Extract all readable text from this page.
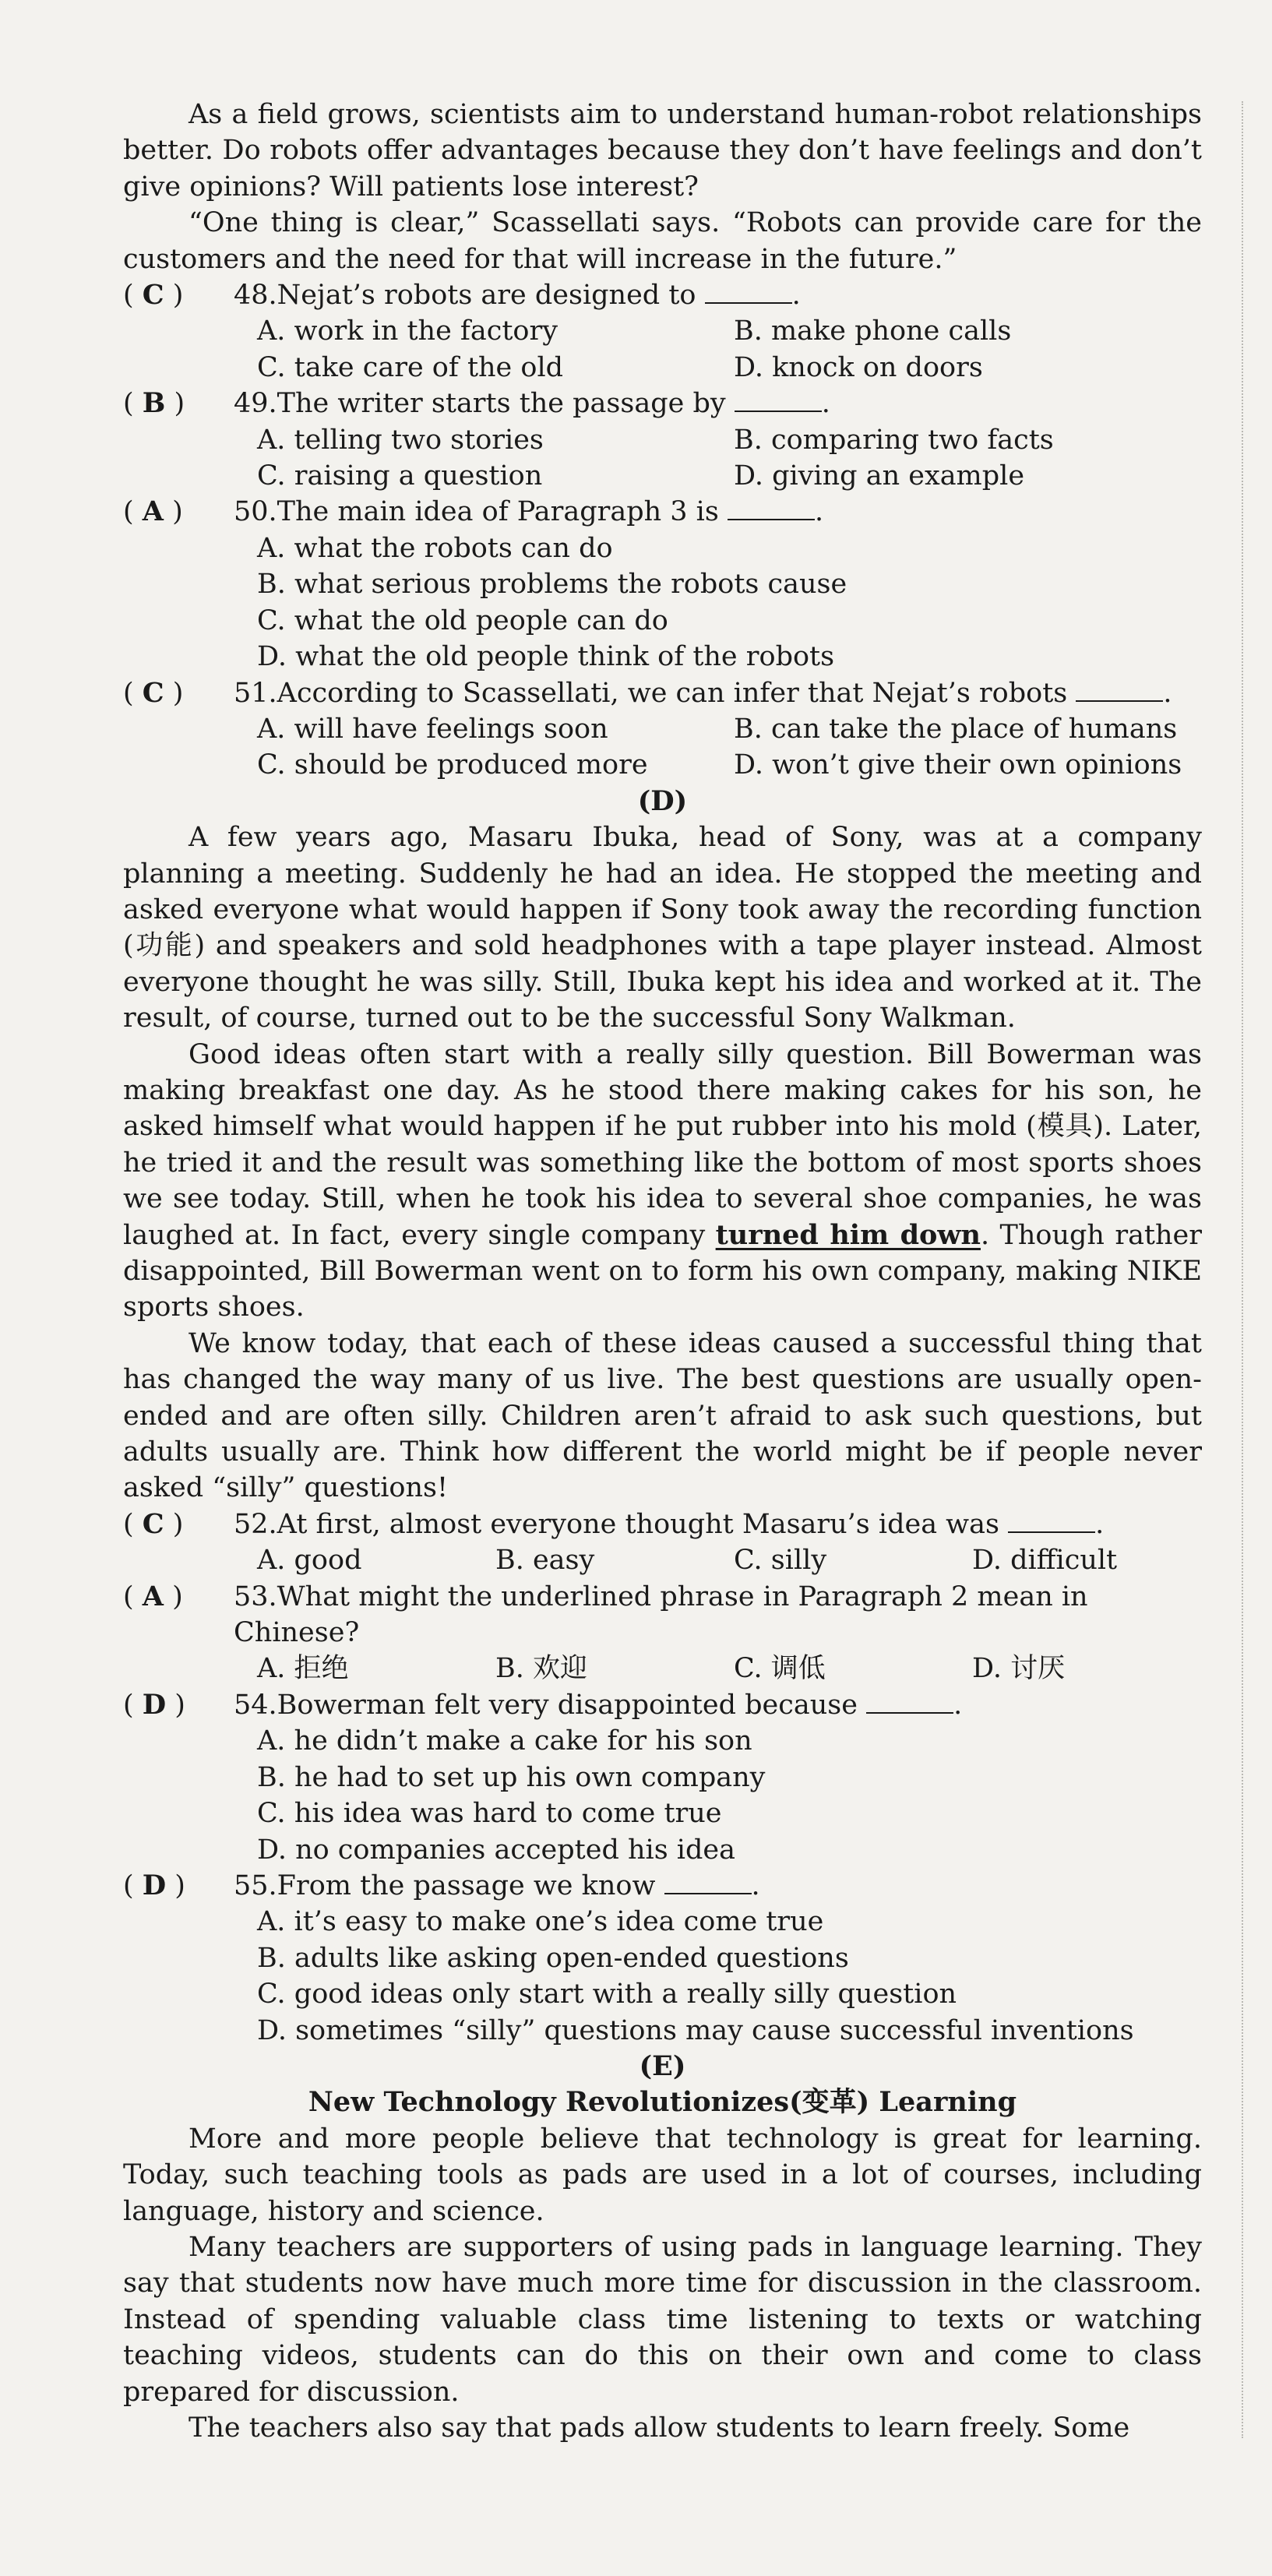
As a field grows, scientists aim to understand human-robot relationships better. Do robots offer advantages because they don’t have feelings and don’t give opinions? Will patients lose interest?

“One thing is clear,” Scassellati says. “Robots can provide care for the customers and the need for that will increase in the future.”

( C )	48.Nejat’s robots are designed to	.
A. work in the factory	B. make phone calls
C. take care of the old	D. knock on doors
( B )	49.The writer starts the passage by	.
A. telling two stories	B. comparing two facts
C. raising a question	D. giving an example
( A )	50.The main idea of Paragraph 3 is	.
A. what the robots can do
B. what serious problems the robots cause
C. what the old people can do
D. what the old people think of the robots
( C )	51.According to Scassellati, we can infer that Nejat’s robots	.
A. will have feelings soon	B. can take the place of humans
C. should be produced more	D. won’t give their own opinions

(D)

A few years ago, Masaru Ibuka, head of Sony, was at a company planning a meeting. Suddenly he had an idea. He stopped the meeting and asked everyone what would happen if Sony took away the recording function (功能) and speakers and sold headphones with a tape player instead. Almost everyone thought he was silly. Still, Ibuka kept his idea and worked at it. The result, of course, turned out to be the successful Sony Walkman.

Good ideas often start with a really silly question. Bill Bowerman was making breakfast one day. As he stood there making cakes for his son, he asked himself what would happen if he put rubber into his mold (模具). Later, he tried it and the result was something like the bottom of most sports shoes we see today. Still, when he took his idea to several shoe companies, he was laughed at. In fact, every single company turned him down. Though rather disappointed, Bill Bowerman went on to form his own company, making NIKE sports shoes.

We know today, that each of these ideas caused a successful thing that has changed the way many of us live. The best questions are usually open-ended and are often silly. Children aren’t afraid to ask such questions, but adults usually are. Think how different the world might be if people never asked “silly” questions!

( C )	52.At first, almost everyone thought Masaru’s idea was	.
A. good	B. easy	C. silly	D. difficult
( A )	53.What might the underlined phrase in Paragraph 2 mean in Chinese?
A. 拒绝	B. 欢迎	C. 调低	D. 讨厌
( D )	54.Bowerman felt very disappointed because	.
A. he didn’t make a cake for his son
B. he had to set up his own company
C. his idea was hard to come true
D. no companies accepted his idea
( D )	55.From the passage we know	.
A. it’s easy to make one’s idea come true
B. adults like asking open-ended questions
C. good ideas only start with a really silly question
D. sometimes “silly” questions may cause successful inventions

(E)

New Technology Revolutionizes(变革) Learning

More and more people believe that technology is great for learning. Today, such teaching tools as pads are used in a lot of courses, including language, history and science.

Many teachers are supporters of using pads in language learning. They say that students now have much more time for discussion in the classroom. Instead of spending valuable class time listening to texts or watching teaching videos, students can do this on their own and come to class prepared for discussion.

The teachers also say that pads allow students to learn freely. Some
